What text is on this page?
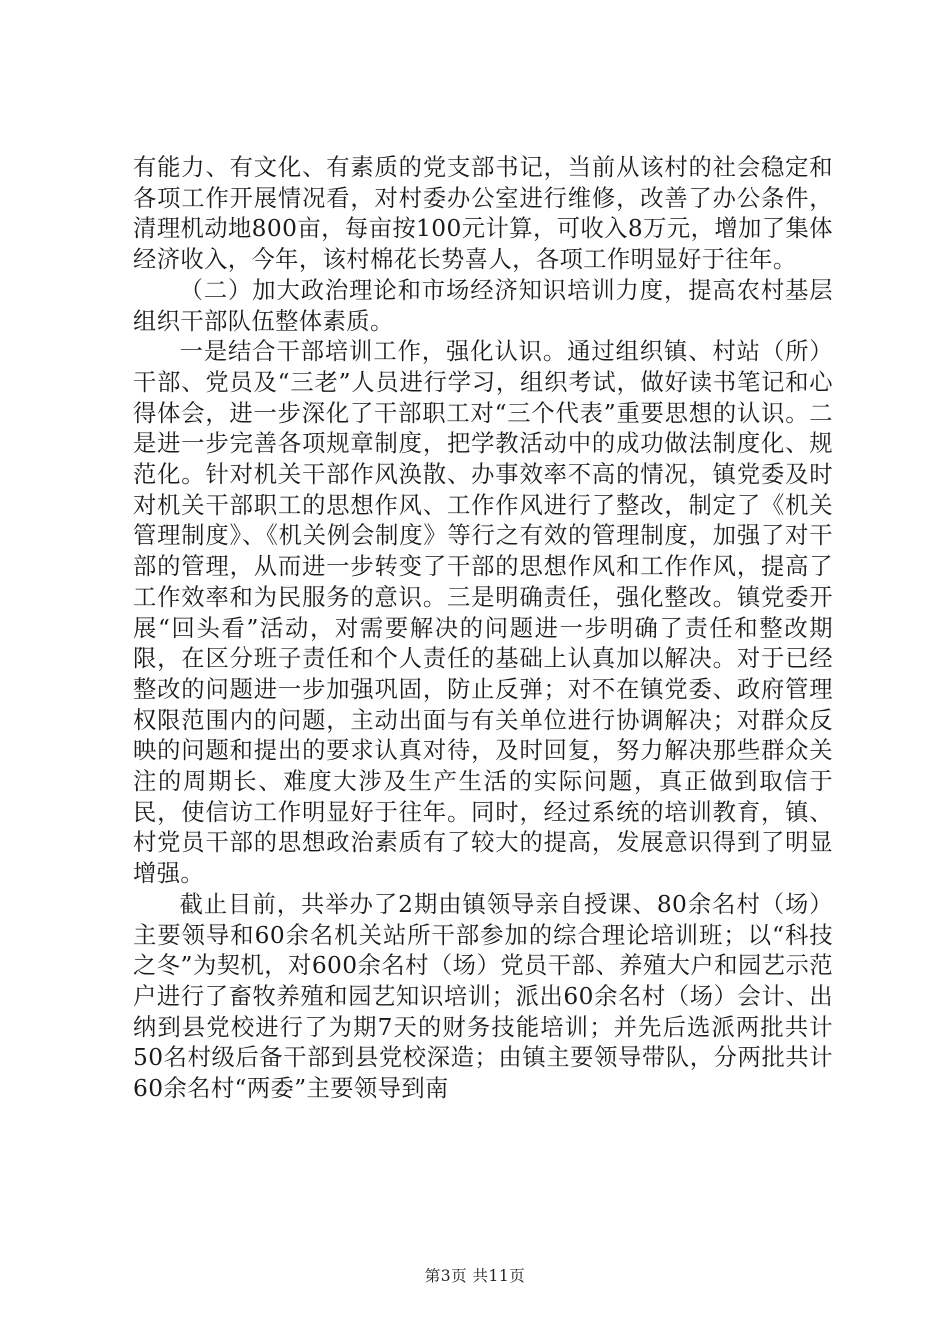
有能力、有文化、有素质的党支部书记，当前从该村的社会稳定和各项工作开展情况看，对村委办公室进行维修，改善了办公条件，清理机动地800亩，每亩按100元计算，可收入8万元，增加了集体经济收入，今年，该村棉花长势喜人，各项工作明显好于往年。

（二）加大政治理论和市场经济知识培训力度，提高农村基层组织干部队伍整体素质。

一是结合干部培训工作，强化认识。通过组织镇、村站（所）干部、党员及“三老”人员进行学习，组织考试，做好读书笔记和心得体会，进一步深化了干部职工对“三个代表”重要思想的认识。二是进一步完善各项规章制度，把学教活动中的成功做法制度化、规范化。针对机关干部作风涣散、办事效率不高的情况，镇党委及时对机关干部职工的思想作风、工作作风进行了整改，制定了《机关管理制度》、《机关例会制度》等行之有效的管理制度，加强了对干部的管理，从而进一步转变了干部的思想作风和工作作风，提高了工作效率和为民服务的意识。三是明确责任，强化整改。镇党委开展“回头看”活动，对需要解决的问题进一步明确了责任和整改期限，在区分班子责任和个人责任的基础上认真加以解决。对于已经整改的问题进一步加强巩固，防止反弹；对不在镇党委、政府管理权限范围内的问题，主动出面与有关单位进行协调解决；对群众反映的问题和提出的要求认真对待，及时回复，努力解决那些群众关注的周期长、难度大涉及生产生活的实际问题，真正做到取信于民，使信访工作明显好于往年。同时，经过系统的培训教育，镇、村党员干部的思想政治素质有了较大的提高，发展意识得到了明显增强。

截止目前，共举办了2期由镇领导亲自授课、80余名村（场）主要领导和60余名机关站所干部参加的综合理论培训班；以“科技之冬”为契机，对600余名村（场）党员干部、养殖大户和园艺示范户进行了畜牧养殖和园艺知识培训；派出60余名村（场）会计、出纳到县党校进行了为期7天的财务技能培训；并先后选派两批共计50名村级后备干部到县党校深造；由镇主要领导带队，分两批共计60余名村“两委”主要领导到南

第3页 共11页
